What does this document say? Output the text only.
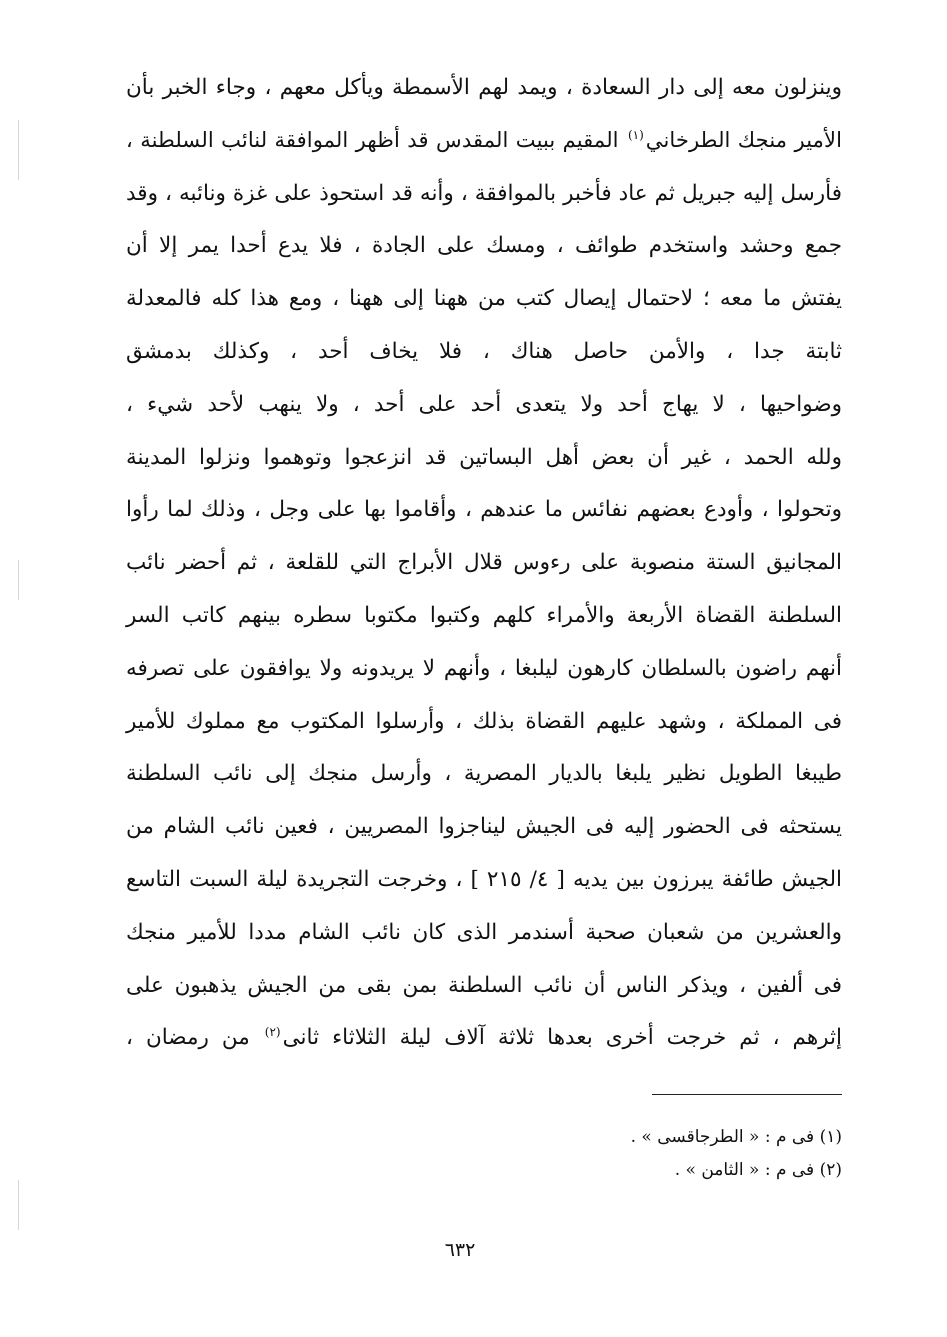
وينزلون معه إلى دار السعادة ، ويمد لهم الأسمطة ويأكل معهم ، وجاء الخبر بأن
الأمير منجك الطرخاني$^{(١)}$ المقيم ببيت المقدس قد أظهر الموافقة لنائب السلطنة ،
فأرسل إليه جبريل ثم عاد فأخبر بالموافقة ، وأنه قد استحوذ على غزة ونائبه ، وقد
جمع وحشد واستخدم طوائف ، ومسك على الجادة ، فلا يدع أحدا يمر إلا أن
يفتش ما معه ؛ لاحتمال إيصال كتب من ههنا إلى ههنا ، ومع هذا كله فالمعدلة
ثابتة جدا ، والأمن حاصل هناك ، فلا يخاف أحد ، وكذلك بدمشق
وضواحيها ، لا يهاج أحد ولا يتعدى أحد على أحد ، ولا ينهب لأحد شيء ،
ولله الحمد ، غير أن بعض أهل البساتين قد انزعجوا وتوهموا ونزلوا المدينة
وتحولوا ، وأودع بعضهم نفائس ما عندهم ، وأقاموا بها على وجل ، وذلك لما رأوا
المجانيق الستة منصوبة على رءوس قلال الأبراج التي للقلعة ، ثم أحضر نائب
السلطنة القضاة الأربعة والأمراء كلهم وكتبوا مكتوبا سطره بينهم كاتب السر
أنهم راضون بالسلطان كارهون ليلبغا ، وأنهم لا يريدونه ولا يوافقون على تصرفه
فى المملكة ، وشهد عليهم القضاة بذلك ، وأرسلوا المكتوب مع مملوك للأمير
طيبغا الطويل نظير يلبغا بالديار المصرية ، وأرسل منجك إلى نائب السلطنة
يستحثه فى الحضور إليه فى الجيش ليناجزوا المصريين ، فعين نائب الشام من
الجيش طائفة يبرزون بين يديه [ ٤/ ٢١٥ ] ، وخرجت التجريدة ليلة السبت التاسع
والعشرين من شعبان صحبة أسندمر الذى كان نائب الشام مددا للأمير منجك
فى ألفين ، ويذكر الناس أن نائب السلطنة بمن بقى من الجيش يذهبون على
إثرهم ، ثم خرجت أخرى بعدها ثلاثة آلاف ليلة الثلاثاء ثانى$^{(٢)}$ من رمضان ،
(١) فى م : « الطرجاقسى » .
(٢) فى م : « الثامن » .
٦٣٢
